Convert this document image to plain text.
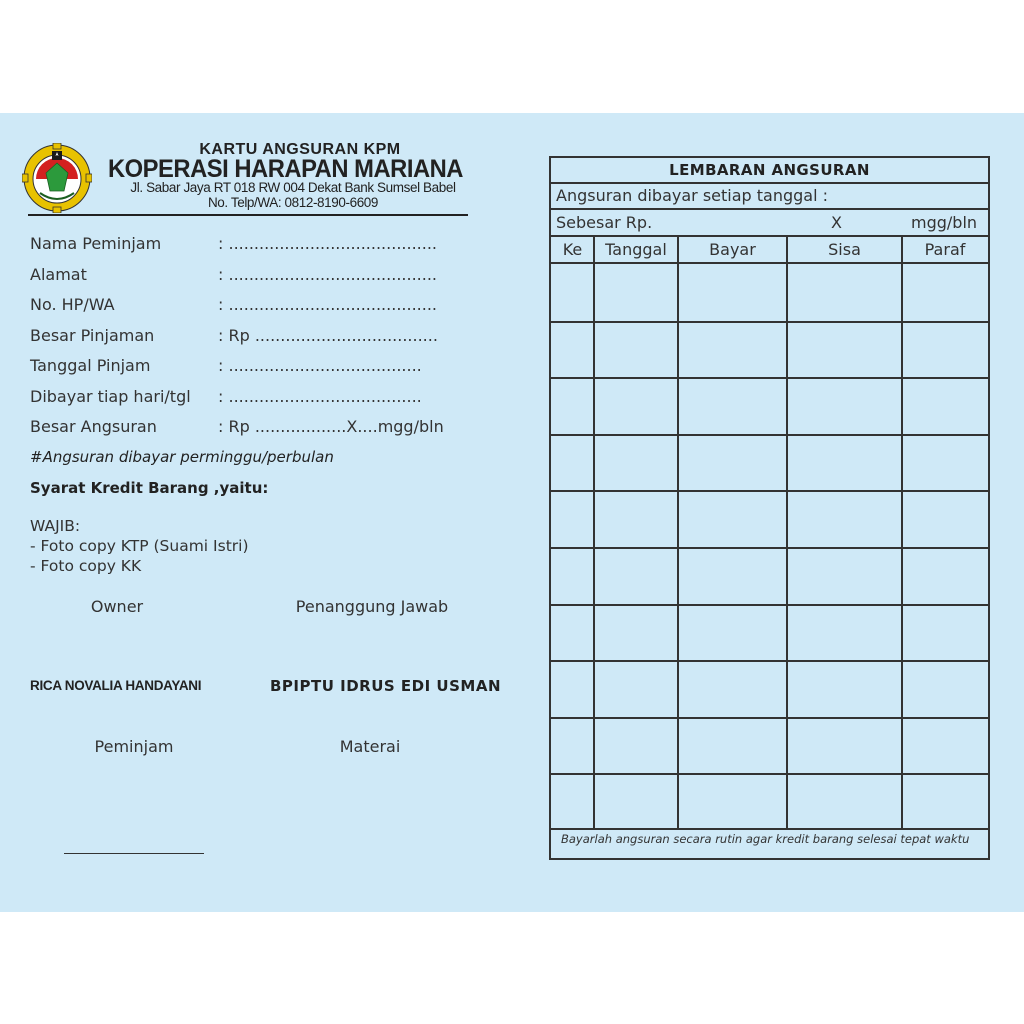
KARTU ANGSURAN KPM
KOPERASI HARAPAN MARIANA
Jl. Sabar Jaya RT 018 RW 004 Dekat Bank Sumsel Babel
No. Telp/WA: 0812-8190-6609
Nama Peminjam	: .........................................
Alamat	: .........................................
No. HP/WA	: .........................................
Besar Pinjaman	: Rp ....................................
Tanggal Pinjam	: ......................................
Dibayar tiap hari/tgl : ......................................
Besar Angsuran	: Rp ..................X....mgg/bln
#Angsuran dibayar perminggu/perbulan
Syarat Kredit Barang ,yaitu:
WAJIB:
- Foto copy KTP (Suami Istri)
- Foto copy KK
Owner	Penanggung Jawab
RICA NOVALIA HANDAYANI	BPIPTU IDRUS EDI USMAN
Peminjam	Materai
LEMBARAN ANGSURAN
Angsuran dibayar setiap tanggal :
Sebesar Rp.	X	mgg/bln
Ke	Tanggal	Bayar	Sisa	Paraf
Bayarlah angsuran secara rutin agar kredit barang selesai tepat waktu
